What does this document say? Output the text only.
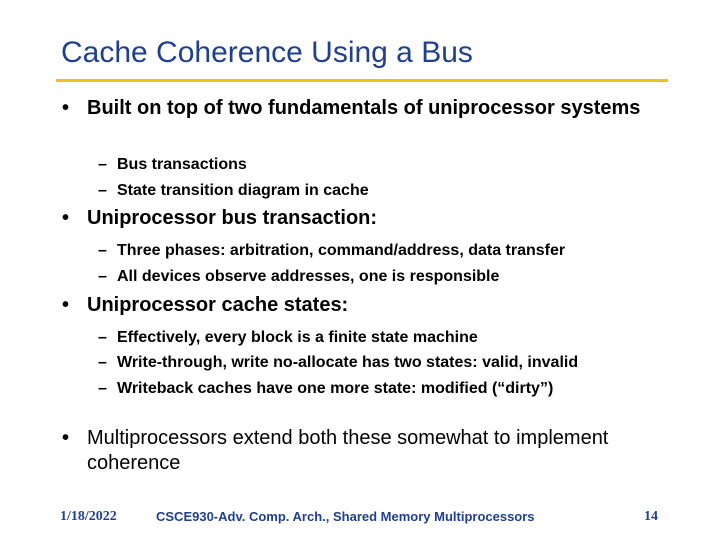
Cache Coherence Using a Bus
• Built on top of two fundamentals of uniprocessor systems
– Bus transactions
– State transition diagram in cache
• Uniprocessor bus transaction:
– Three phases: arbitration, command/address, data transfer
– All devices observe addresses, one is responsible
• Uniprocessor cache states:
– Effectively, every block is a finite state machine
– Write-through, write no-allocate has two states: valid, invalid
– Writeback caches have one more state: modified (“dirty”)
• Multiprocessors extend both these somewhat to implement coherence
1/18/2022	CSCE930-Adv. Comp. Arch., Shared Memory Multiprocessors	14
